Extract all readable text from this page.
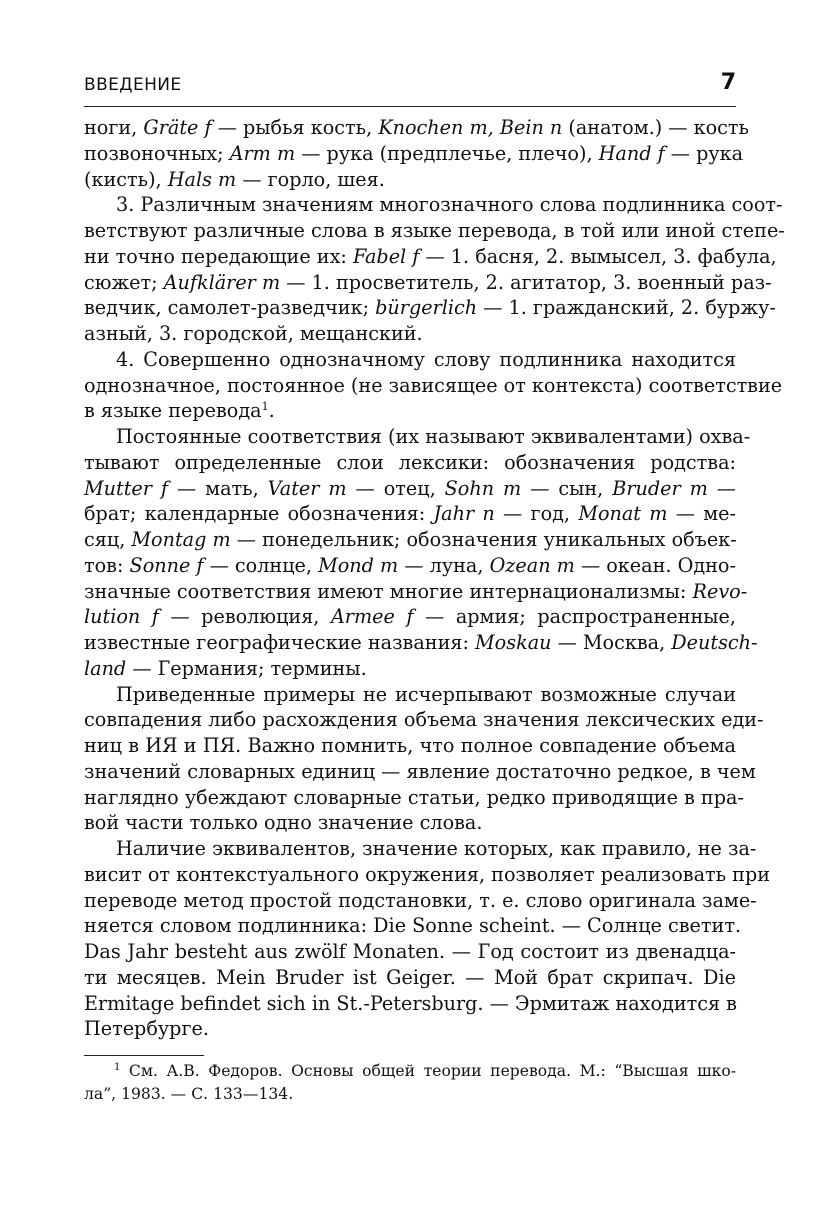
ВВЕДЕНИЕ	7
ноги, Gräte f — рыбья кость, Knochen m, Bein n (анатом.) — кость
позвоночных; Arm m — рука (предплечье, плечо), Hand f — рука
(кисть), Hals m — горло, шея.
3. Различным значениям многозначного слова подлинника соот-
ветствуют различные слова в языке перевода, в той или иной степе-
ни точно передающие их: Fabel f — 1. басня, 2. вымысел, 3. фабула,
сюжет; Aufklärer m — 1. просветитель, 2. агитатор, 3. военный раз-
ведчик, самолет-разведчик; bürgerlich — 1. гражданский, 2. буржу-
азный, 3. городской, мещанский.
4. Совершенно однозначному слову подлинника находится
однозначное, постоянное (не зависящее от контекста) соответствие
в языке перевода$^1$.
Постоянные соответствия (их называют эквивалентами) охва-
тывают определенные слои лексики: обозначения родства:
Mutter f — мать, Vater m — отец, Sohn m — сын, Bruder m —
брат; календарные обозначения: Jahr n — год, Monat m — ме-
сяц, Montag m — понедельник; обозначения уникальных объек-
тов: Sonne f — солнце, Mond m — луна, Ozean m — океан. Одно-
значные соответствия имеют многие интернационализмы: Revo-
lution f — революция, Armee f — армия; распространенные,
известные географические названия: Moskau — Москва, Deutsch-
land — Германия; термины.
Приведенные примеры не исчерпывают возможные случаи
совпадения либо расхождения объема значения лексических еди-
ниц в ИЯ и ПЯ. Важно помнить, что полное совпадение объема
значений словарных единиц — явление достаточно редкое, в чем
наглядно убеждают словарные статьи, редко приводящие в пра-
вой части только одно значение слова.
Наличие эквивалентов, значение которых, как правило, не за-
висит от контекстуального окружения, позволяет реализовать при
переводе метод простой подстановки, т. е. слово оригинала заме-
няется словом подлинника: Die Sonne scheint. — Солнце светит.
Das Jahr besteht aus zwölf Monaten. — Год состоит из двенадца-
ти месяцев. Mein Bruder ist Geiger. — Мой брат скрипач. Die
Ermitage befindet sich in St.-Petersburg. — Эрмитаж находится в
Петербурге.
$^1$ См. А.В. Федоров. Основы общей теории перевода. М.: “Высшая шко-
ла”, 1983. — С. 133—134.
